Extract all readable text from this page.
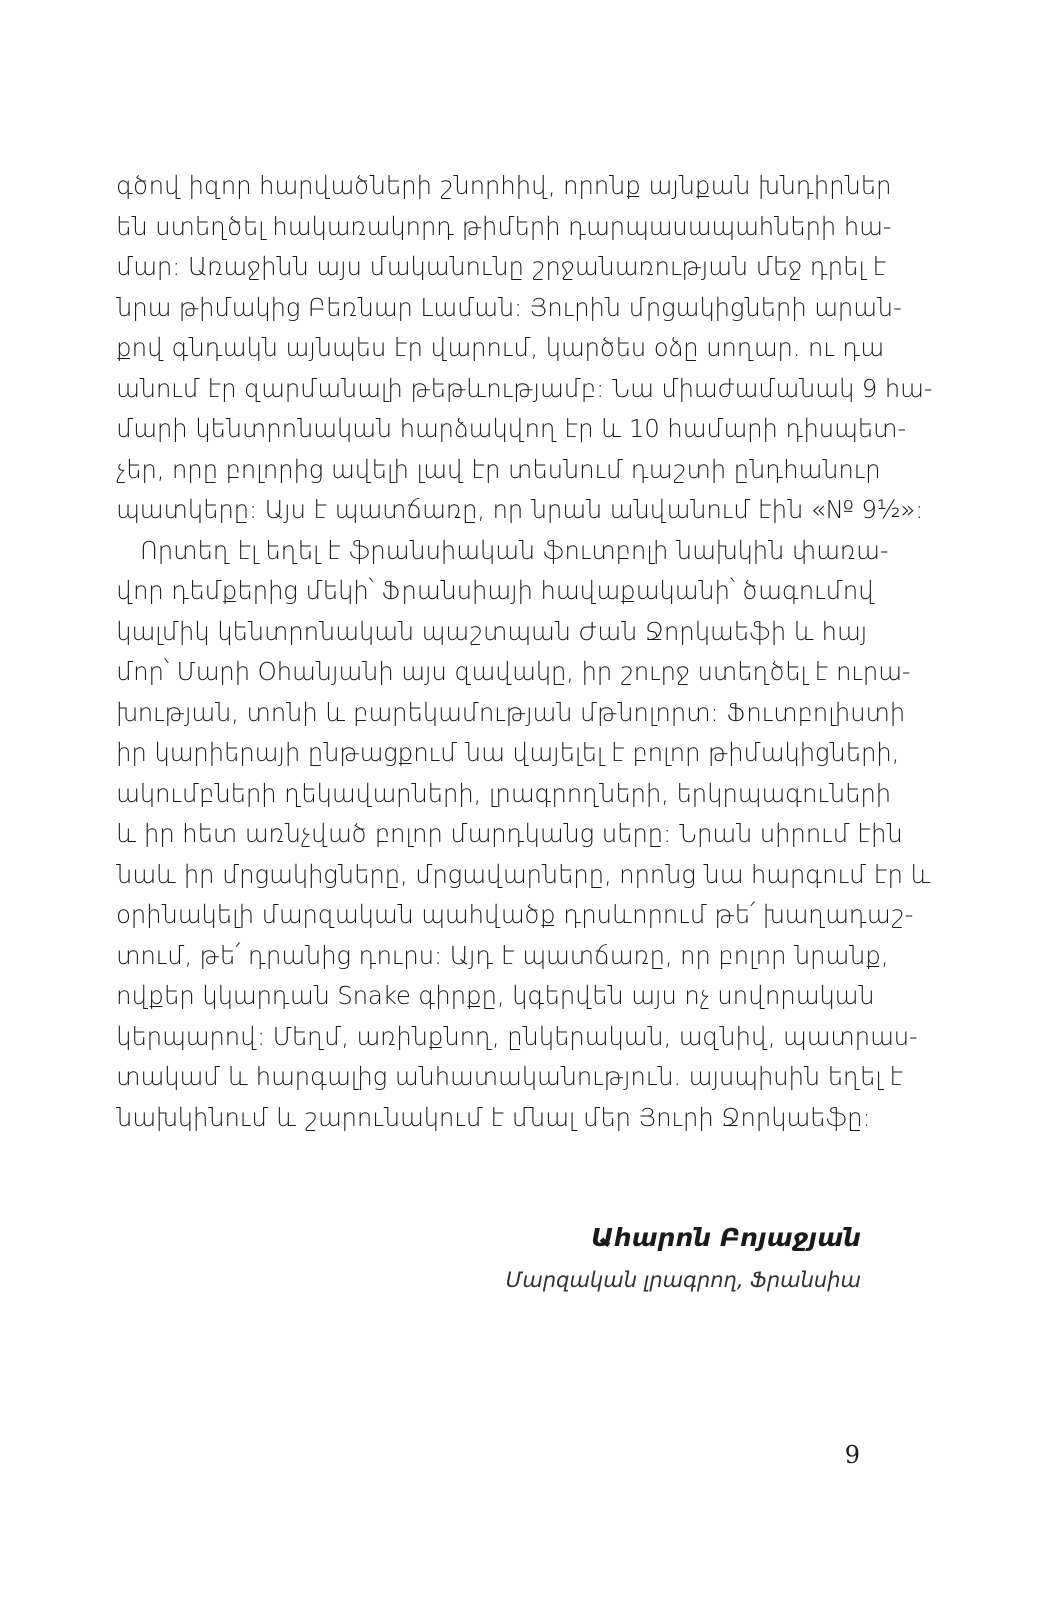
գծով իզոր հարվածների շնորհիվ, որոնք այնքան խնդիրներ
են ստեղծել հակառակորդ թիմերի դարպասապահների հա-
մար: Առաջինն այս մականունը շրջանառության մեջ դրել է
նրա թիմակից Բեռնար Լաման: Յուրին մրցակիցների արան-
քով գնդակն այնպես էր վարում, կարծես օձը սողար. ու դա
անում էր զարմանալի թեթևությամբ: Նա միաժամանակ 9 հա-
մարի կենտրոնական հարձակվող էր և 10 համարի դիսպետ-
չեր, որը բոլորից ավելի լավ էր տեսնում դաշտի ընդհանուր
պատկերը: Այս է պատճառը, որ նրան անվանում էին «№ 9½»:
Որտեղ էլ եղել է ֆրանսիական ֆուտբոլի նախկին փառա-
վոր դեմքերից մեկի՝ Ֆրանսիայի հավաքականի՝ ծագումով
կալմիկ կենտրոնական պաշտպան Ժան Ջորկաեֆի և հայ
մոր՝ Մարի Օհանյանի այս զավակը, իր շուրջ ստեղծել է ուրա-
խության, տոնի և բարեկամության մթնոլորտ: Ֆուտբոլիստի
իր կարիերայի ընթացքում նա վայելել է բոլոր թիմակիցների,
ակումբների ղեկավարների, լրագրողների, երկրպագուների
և իր հետ առնչված բոլոր մարդկանց սերը: Նրան սիրում էին
նաև իր մրցակիցները, մրցավարները, որոնց նա հարգում էր և
օրինակելի մարզական պահվածք դրսևորում թե՛ խաղադաշ-
տում, թե՛ դրանից դուրս: Այդ է պատճառը, որ բոլոր նրանք,
ովքեր կկարդան Snake գիրքը, կգերվեն այս ոչ սովորական
կերպարով: Մեղմ, առինքնող, ընկերական, ազնիվ, պատրաս-
տակամ և հարգալից անհատականություն. այսպիսին եղել է
նախկինում և շարունակում է մնալ մեր Յուրի Ջորկաեֆը:
Ահարոն Բոյաջյան
Մարզական լրագրող, Ֆրանսիա
9
